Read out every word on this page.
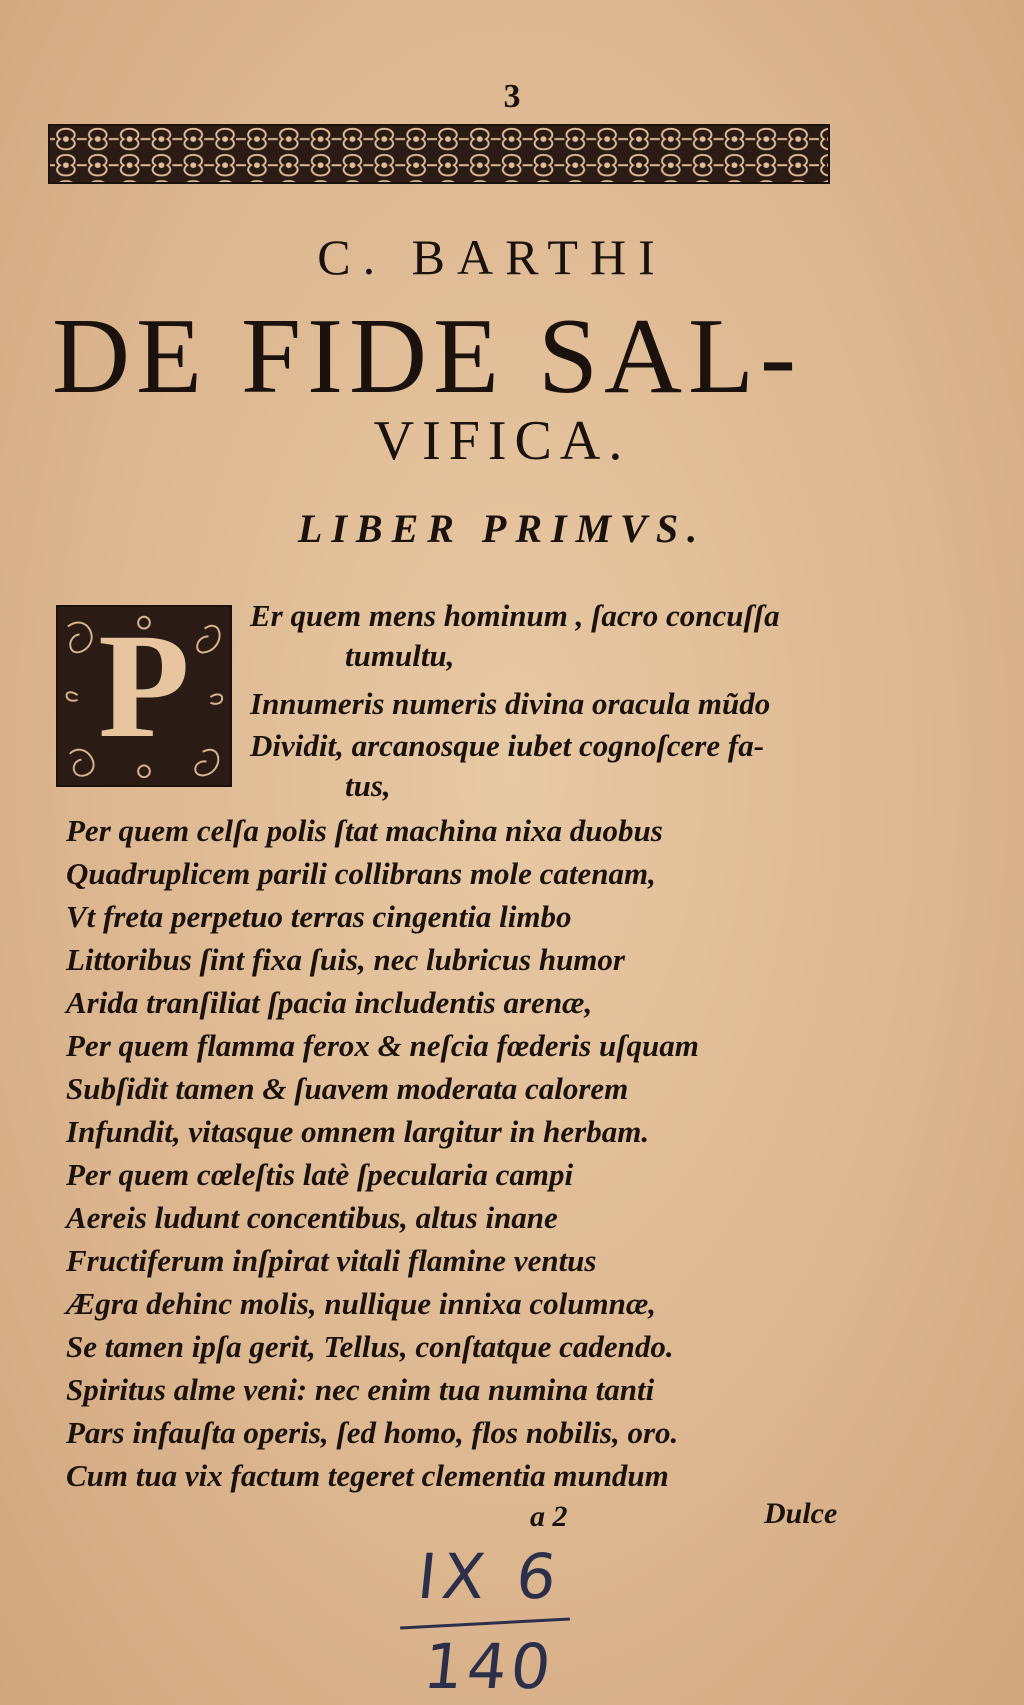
3
C. BARTHI
DE FIDE SAL-
VIFICA.
LIBER PRIMVS.
P	Er quem mens hominum , ſacro concuſſa
tumultu,
Innumeris numeris divina oracula mũdo
Dividit, arcanosque iubet cognoſcere fa-
tus,
Per quem celſa polis ſtat machina nixa duobus
Quadruplicem parili collibrans mole catenam,
Vt freta perpetuo terras cingentia limbo
Littoribus ſint fixa ſuis, nec lubricus humor
Arida tranſiliat ſpacia includentis arenæ,
Per quem flamma ferox & neſcia fœderis uſquam
Subſidit tamen & ſuavem moderata calorem
Infundit, vitasque omnem largitur in herbam.
Per quem cœleſtis latè ſpecularia campi
Aereis ludunt concentibus, altus inane
Fructiferum inſpirat vitali flamine ventus
Ægra dehinc molis, nullique innixa columnæ,
Se tamen ipſa gerit, Tellus, conſtatque cadendo.
Spiritus alme veni: nec enim tua numina tanti
Pars infauſta operis, ſed homo, flos nobilis, oro.
Cum tua vix factum tegeret clementia mundum
a 2	Dulce
IX 6
140
